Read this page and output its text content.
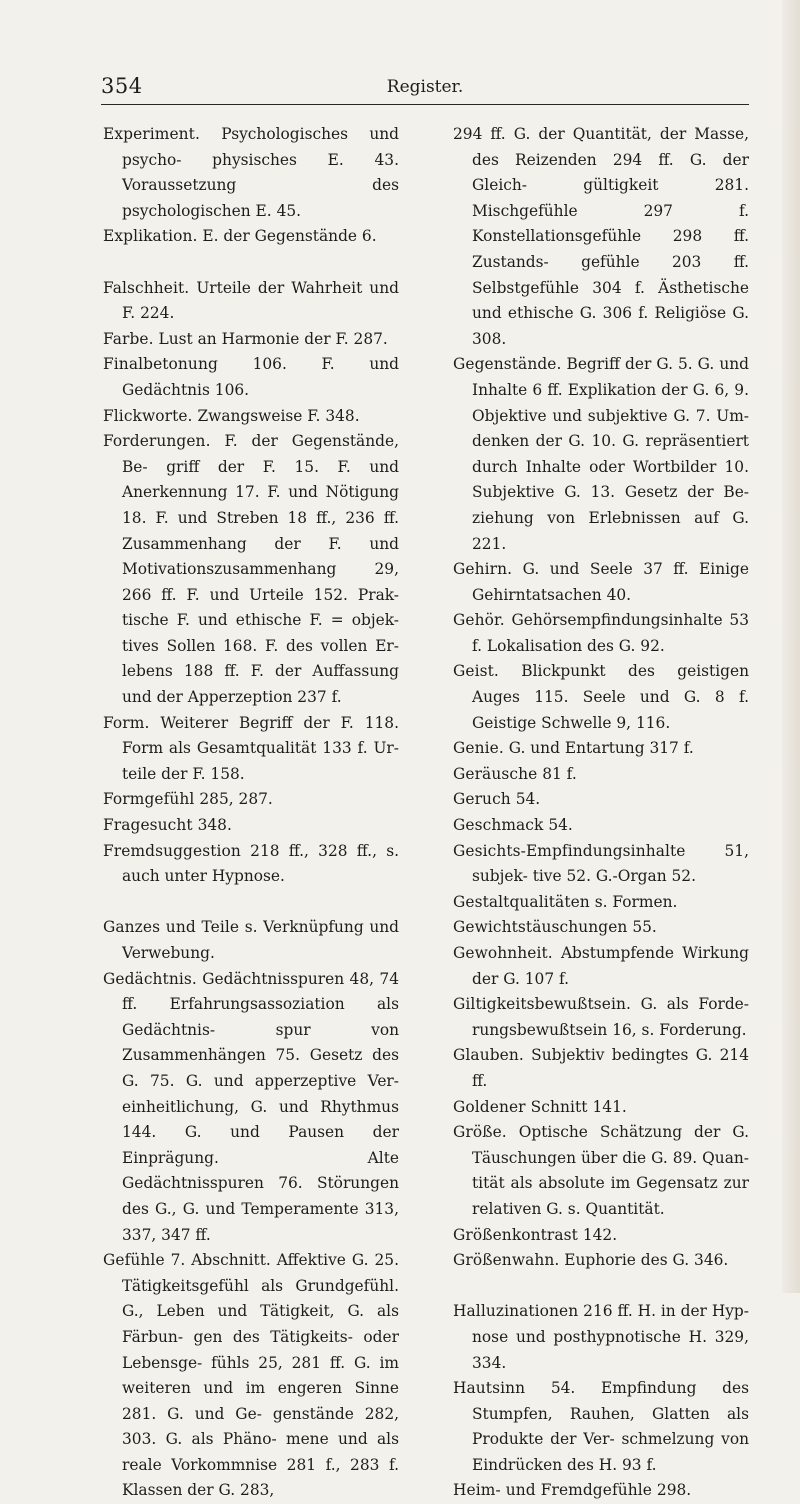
354	Register.

Experiment. Psychologisches und psycho- physisches E. 43. Voraussetzung des psychologischen E. 45.

Explikation. E. der Gegenstände 6.

Falschheit. Urteile der Wahrheit und F. 224.

Farbe. Lust an Harmonie der F. 287.

Finalbetonung 106. F. und Gedächtnis 106.

Flickworte. Zwangsweise F. 348.

Forderungen. F. der Gegenstände, Be- griff der F. 15. F. und Anerkennung 17. F. und Nötigung 18. F. und Streben 18 ff., 236 ff. Zusammenhang der F. und Motivationszusammenhang 29, 266 ff. F. und Urteile 152. Prak- tische F. und ethische F. = objek- tives Sollen 168. F. des vollen Er- lebens 188 ff. F. der Auffassung und der Apperzeption 237 f.

Form. Weiterer Begriff der F. 118. Form als Gesamtqualität 133 f. Ur- teile der F. 158.

Formgefühl 285, 287.

Fragesucht 348.

Fremdsuggestion 218 ff., 328 ff., s. auch unter Hypnose.

Ganzes und Teile s. Verknüpfung und Verwebung.

Gedächtnis. Gedächtnisspuren 48, 74 ff. Erfahrungsassoziation als Gedächtnis- spur von Zusammenhängen 75. Gesetz des G. 75. G. und apperzeptive Ver- einheitlichung, G. und Rhythmus 144. G. und Pausen der Einprägung. Alte Gedächtnisspuren 76. Störungen des G., G. und Temperamente 313, 337, 347 ff.

Gefühle 7. Abschnitt. Affektive G. 25. Tätigkeitsgefühl als Grundgefühl. G., Leben und Tätigkeit, G. als Färbun- gen des Tätigkeits- oder Lebensge- fühls 25, 281 ff. G. im weiteren und im engeren Sinne 281. G. und Ge- genstände 282, 303. G. als Phäno- mene und als reale Vorkommnise 281 f., 283 f. Klassen der G. 283,

294 ff. G. der Quantität, der Masse, des Reizenden 294 ff. G. der Gleich- gültigkeit 281. Mischgefühle 297 f. Konstellationsgefühle 298 ff. Zustands- gefühle 203 ff. Selbstgefühle 304 f. Ästhetische und ethische G. 306 f. Religiöse G. 308.

Gegenstände. Begriff der G. 5. G. und Inhalte 6 ff. Explikation der G. 6, 9. Objektive und subjektive G. 7. Um- denken der G. 10. G. repräsentiert durch Inhalte oder Wortbilder 10. Subjektive G. 13. Gesetz der Be- ziehung von Erlebnissen auf G. 221.

Gehirn. G. und Seele 37 ff. Einige Gehirntatsachen 40.

Gehör. Gehörsempfindungsinhalte 53 f. Lokalisation des G. 92.

Geist. Blickpunkt des geistigen Auges 115. Seele und G. 8 f. Geistige Schwelle 9, 116.

Genie. G. und Entartung 317 f.

Geräusche 81 f.

Geruch 54.

Geschmack 54.

Gesichts-Empfindungsinhalte 51, subjek- tive 52. G.-Organ 52.

Gestaltqualitäten s. Formen.

Gewichtstäuschungen 55.

Gewohnheit. Abstumpfende Wirkung der G. 107 f.

Giltigkeitsbewußtsein. G. als Forde- rungsbewußtsein 16, s. Forderung.

Glauben. Subjektiv bedingtes G. 214 ff.

Goldener Schnitt 141.

Größe. Optische Schätzung der G. Täuschungen über die G. 89. Quan- tität als absolute im Gegensatz zur relativen G. s. Quantität.

Größenkontrast 142.

Größenwahn. Euphorie des G. 346.

Halluzinationen 216 ff. H. in der Hyp- nose und posthypnotische H. 329, 334.

Hautsinn 54. Empfindung des Stumpfen, Rauhen, Glatten als Produkte der Ver- schmelzung von Eindrücken des H. 93 f.

Heim- und Fremdgefühle 298.
